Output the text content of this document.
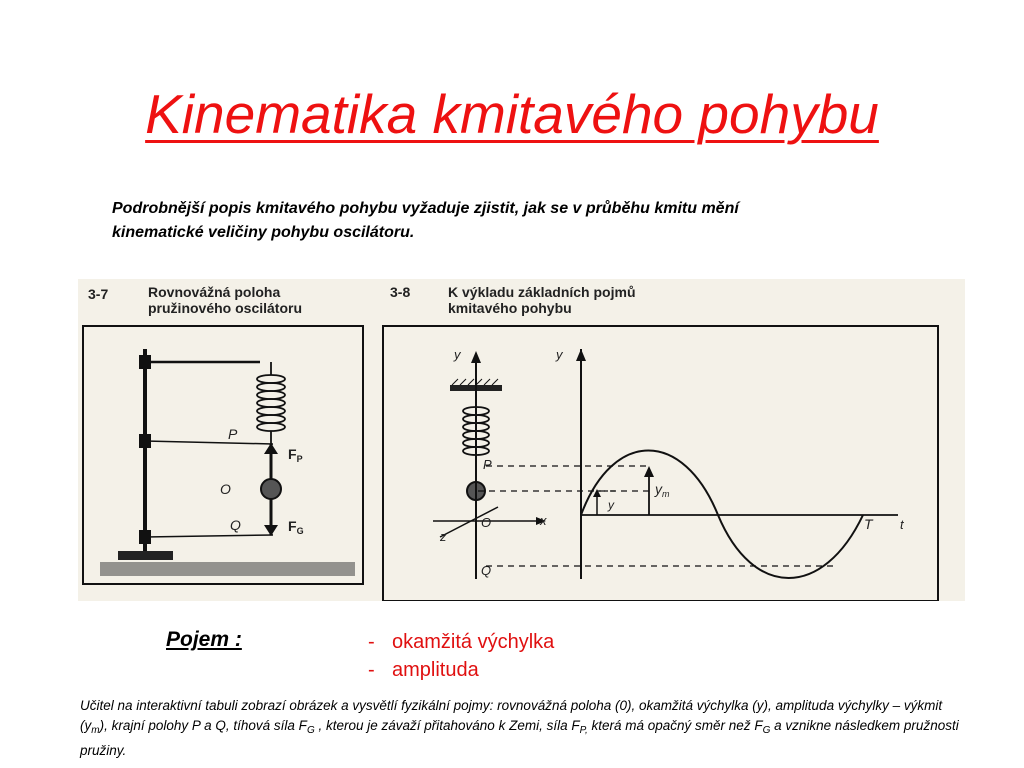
Kinematika kmitavého pohybu
Podrobnější popis kmitavého pohybu vyžaduje zjistit, jak se v průběhu kmitu mění kinematické veličiny pohybu oscilátoru.
3-7	Rovnovážná poloha
pružinového oscilátoru
P
O
Q
$F_P$
$F_G$
3-8	K výkladu základních pojmů
kmitavého pohybu
y
x
z
P
O
Q
y
T t
$y_m$
y
Pojem :	- okamžitá výchylka
- amplituda
Učitel na interaktivní tabuli zobrazí obrázek a vysvětlí fyzikální pojmy: rovnovážná poloha (0), okamžitá výchylka (y), amplituda výchylky – výkmit $(y_m)$, krajní polohy P a Q, tíhová síla $F_G$ , kterou je závaží přitahováno k Zemi, síla $F_{P,}$ která má opačný směr než $F_G$ a vznikne následkem pružnosti pružiny.
